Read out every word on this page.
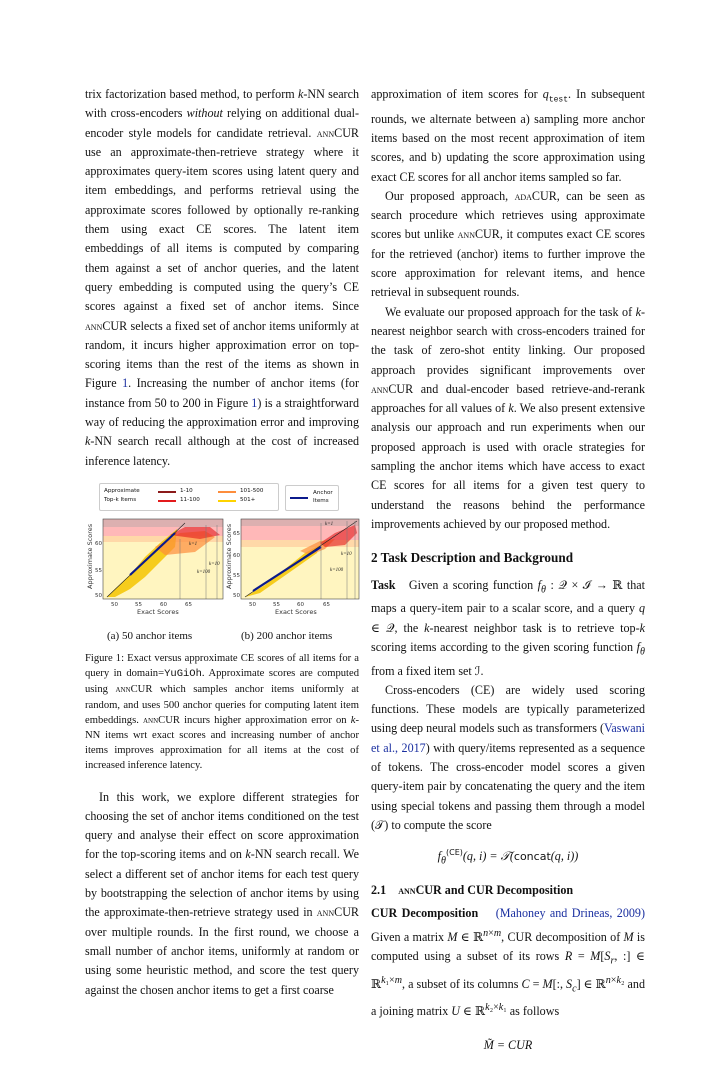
trix factorization based method, to perform k-NN search with cross-encoders without relying on additional dual-encoder style models for candidate retrieval. annCUR use an approximate-then-retrieve strategy where it approximates query-item scores using latent query and item embeddings, and performs retrieval using the approximate scores followed by optionally re-ranking them using exact CE scores. The latent item embeddings of all items is computed by comparing them against a set of anchor queries, and the latent query embedding is computed using the query’s CE scores against a fixed set of anchor items. Since annCUR selects a fixed set of anchor items uniformly at random, it incurs higher approximation error on top-scoring items than the rest of the items as shown in Figure 1. Increasing the number of anchor items (for instance from 50 to 200 in Figure 1) is a straightforward way of reducing the approximation error and improving k-NN search recall although at the cost of increased inference latency.

Approximate
Top-k Items
1-10
11-100
101-500
501+
Anchor
Items
k=1
k=10
k=100
50
55
60
50	55	60	65
Exact Scores
Approximate Scores	k=1
k=10
k=100
50
55
60
65
50	55	60	65
Exact Scores
Approximate Scores
(a) 50 anchor items	(b) 200 anchor items

Figure 1: Exact versus approximate CE scores of all items for a query in domain=YuGiOh. Approximate scores are computed using annCUR which samples anchor items uniformly at random, and uses 500 anchor queries for computing latent item embeddings. annCUR incurs higher approximation error on k-NN items wrt exact scores and increasing number of anchor items improves approximation for all items at the cost of increased inference latency.

In this work, we explore different strategies for choosing the set of anchor items conditioned on the test query and analyse their effect on score approximation for the top-scoring items and on k-NN search recall. We select a different set of anchor items for each test query by bootstrapping the selection of anchor items by using the approximate-then-retrieve strategy used in annCUR over multiple rounds. In the first round, we choose a small number of anchor items, uniformly at random or using some heuristic method, and score the test query against the chosen anchor items to get a first coarse

approximation of item scores for $q_{test}$. In subsequent rounds, we alternate between a) sampling more anchor items based on the most recent approximation of item scores, and b) updating the score approximation using exact CE scores for all anchor items sampled so far.

Our proposed approach, adaCUR, can be seen as search procedure which retrieves using approximate scores but unlike annCUR, it computes exact CE scores for the retrieved (anchor) items to further improve the score approximation for relevant items, and hence retrieval in subsequent rounds.

We evaluate our proposed approach for the task of k-nearest neighbor search with cross-encoders trained for the task of zero-shot entity linking. Our proposed approach provides significant improvements over annCUR and dual-encoder based retrieve-and-rerank approaches for all values of k. We also present extensive analysis our approach and run experiments when our proposed approach is used with oracle strategies for sampling the anchor items which have access to exact CE scores for all items for a given test query to understand the reasons behind the performance improvements achieved by our proposed method.

2 Task Description and Background

Task   Given a scoring function $f_\theta$ : 𝒬 × ℐ → ℝ that maps a query-item pair to a scalar score, and a query q ∈ 𝒬, the k-nearest neighbor task is to retrieve top-k scoring items according to the given scoring function $f_\theta$ from a fixed item set ℐ.

Cross-encoders (CE) are widely used scoring functions. These models are typically parameterized using deep neural models such as transformers (Vaswani et al., 2017) with query/items represented as a sequence of tokens. The cross-encoder model scores a given query-item pair by concatenating the query and the item using special tokens and passing them through a model (𝒯) to compute the score

$f_\theta^{(CE)}(q$, i) = 𝒯(concat(q, i))
2.1    annCUR and CUR Decomposition

CUR Decomposition (Mahoney and Drineas, 2009) Given a matrix M ∈ ℝ$^{n\times m}$, CUR decomposition of M is computed using a subset of its rows $R = M[S_r$, :] ∈ ℝ$^{k_1\times m}$, a subset of its columns C = M[:, $S_c$] ∈ ℝ$^{n\times k_2}$ and a joining matrix U ∈ ℝ$^{k_2\times k_1}$ as follows

M̃ = CUR
